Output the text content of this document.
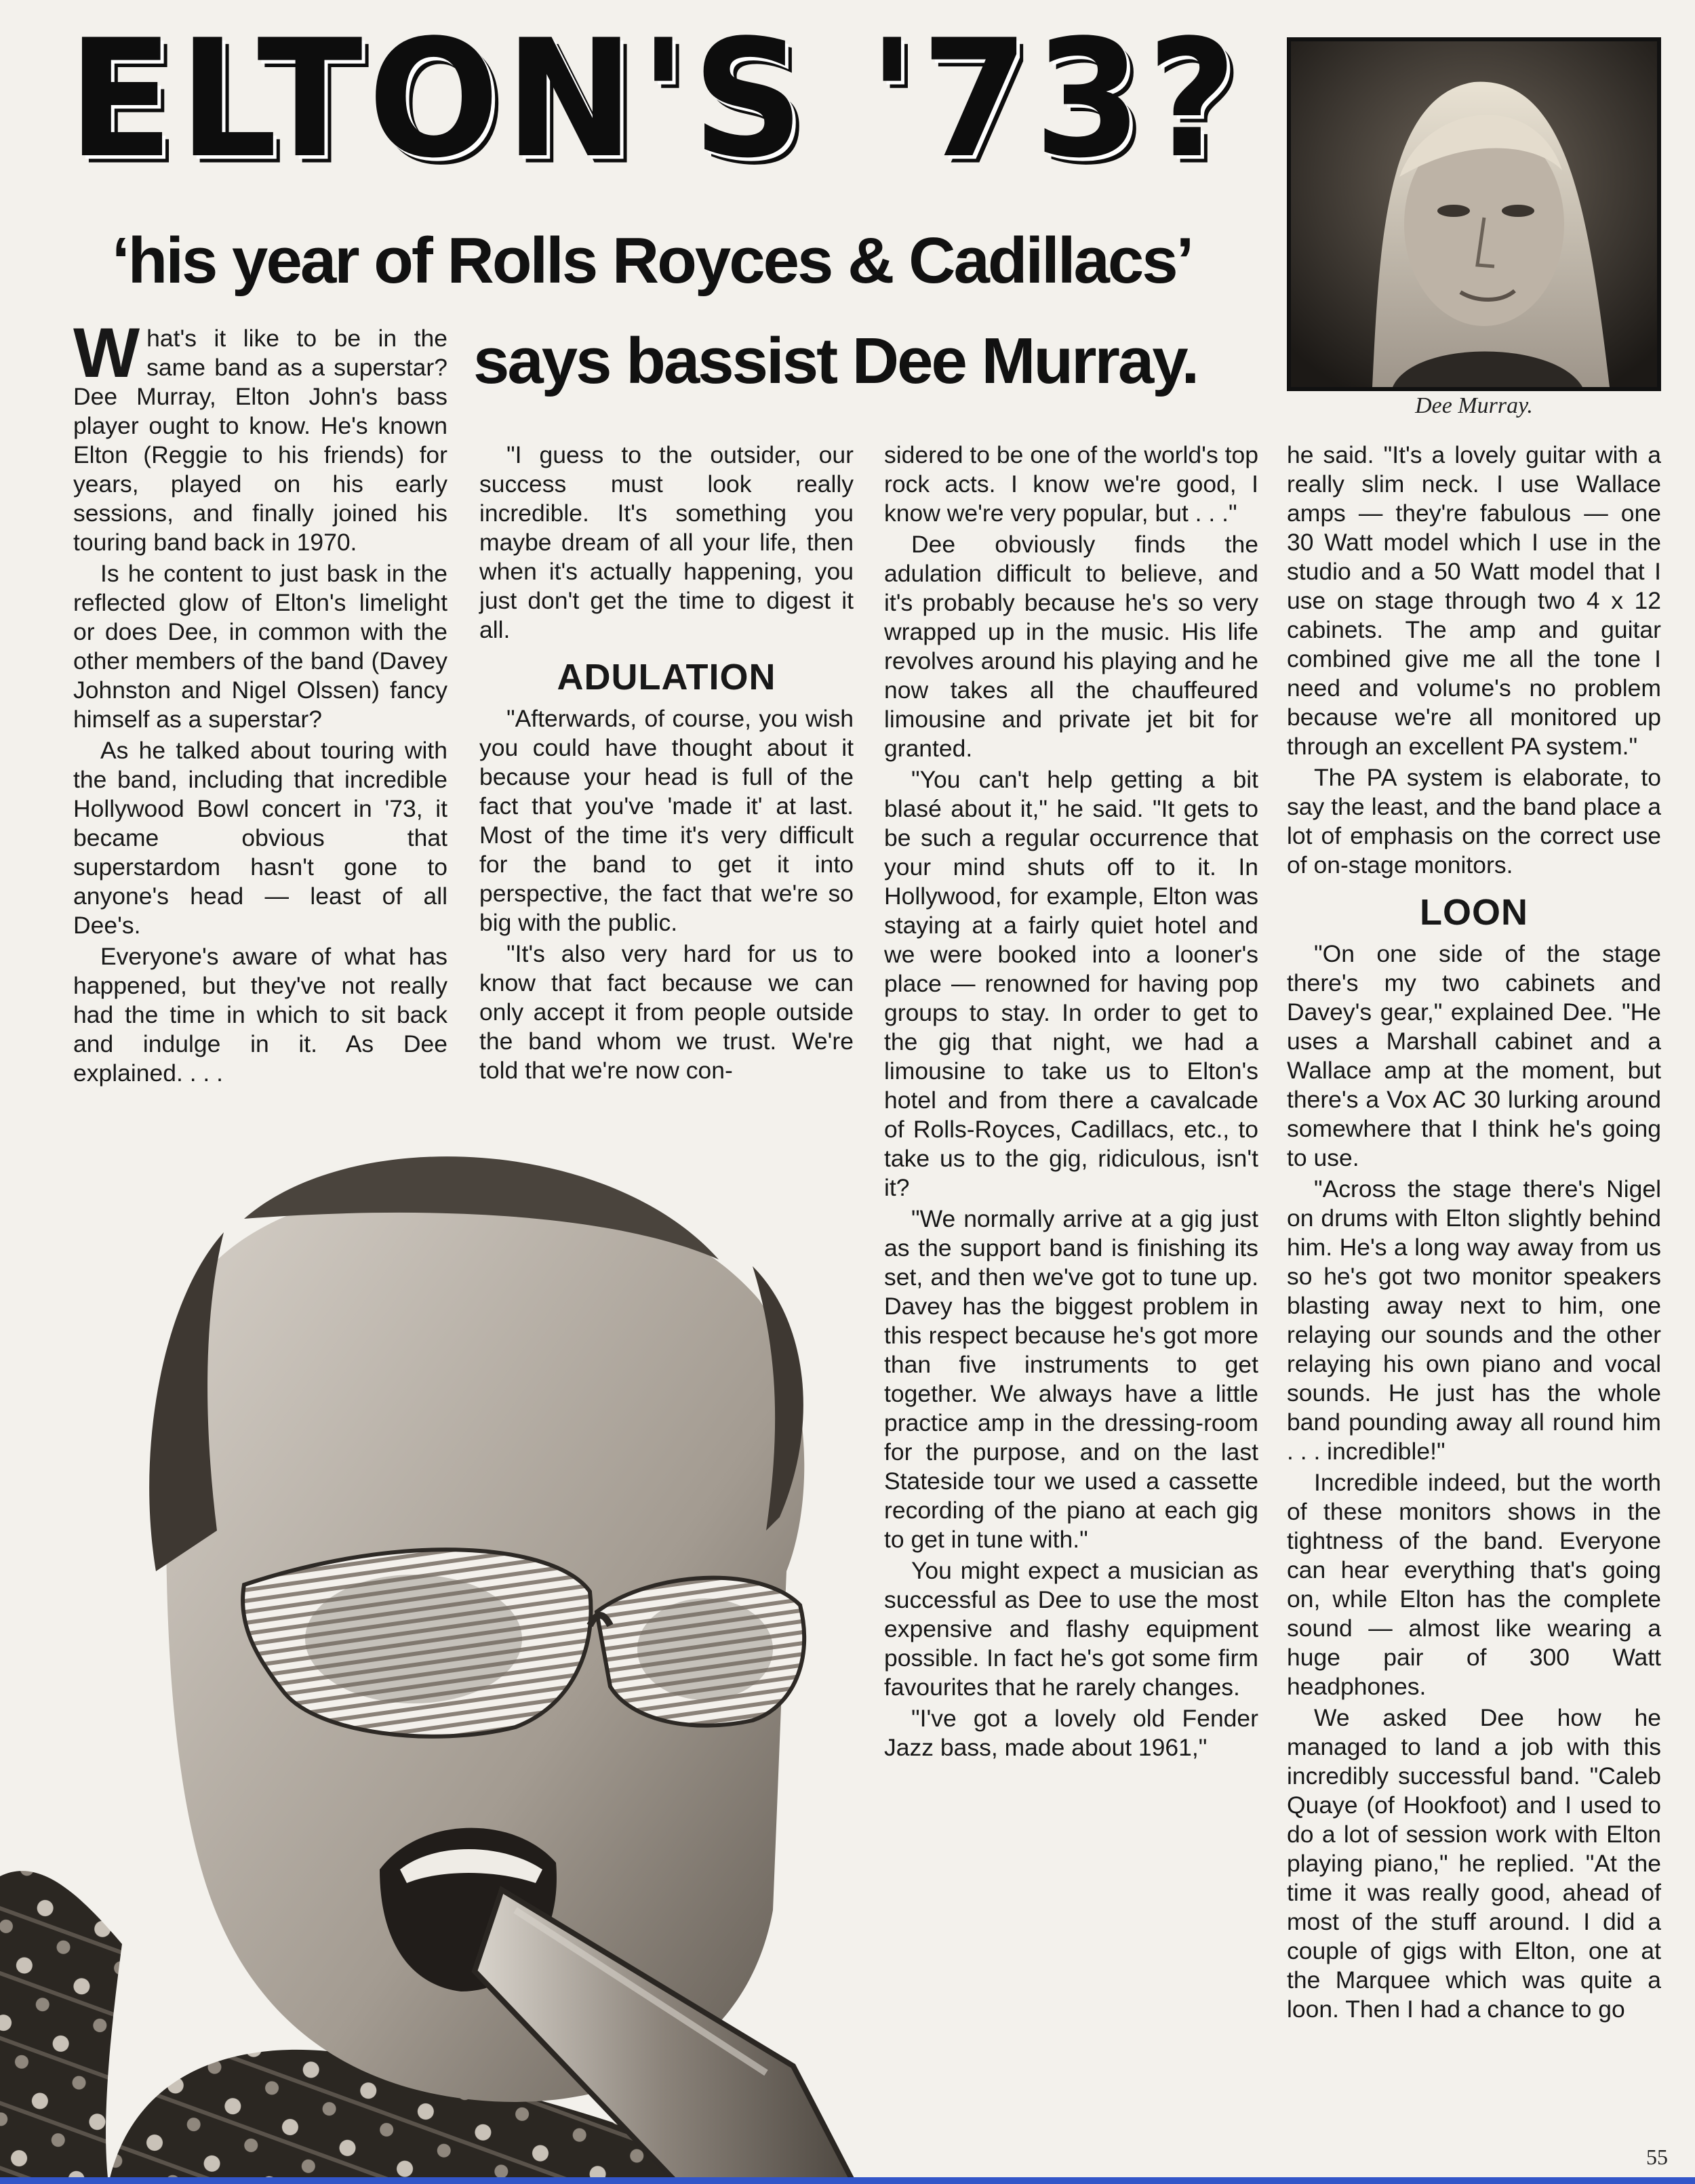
ELTON'S '73?

‘his year of Rolls Royces & Cadillacs’

says bassist Dee Murray.

Dee Murray.

What's it like to be in the same band as a superstar? Dee Murray, Elton John's bass player ought to know. He's known Elton (Reggie to his friends) for years, played on his early sessions, and finally joined his touring band back in 1970.

Is he content to just bask in the reflected glow of Elton's limelight or does Dee, in common with the other members of the band (Davey Johnston and Nigel Olssen) fancy himself as a superstar?

As he talked about touring with the band, including that incredible Hollywood Bowl concert in '73, it became obvious that superstardom hasn't gone to anyone's head — least of all Dee's.

Everyone's aware of what has happened, but they've not really had the time in which to sit back and indulge in it. As Dee explained. . . .

"I guess to the outsider, our success must look really incredible. It's something you maybe dream of all your life, then when it's actually happening, you just don't get the time to digest it all.

ADULATION

"Afterwards, of course, you wish you could have thought about it because your head is full of the fact that you've 'made it' at last. Most of the time it's very difficult for the band to get it into perspective, the fact that we're so big with the public.

"It's also very hard for us to know that fact because we can only accept it from people outside the band whom we trust. We're told that we're now con-

sidered to be one of the world's top rock acts. I know we're good, I know we're very popular, but . . ."

Dee obviously finds the adulation difficult to believe, and it's probably because he's so very wrapped up in the music. His life revolves around his playing and he now takes all the chauffeured limousine and private jet bit for granted.

"You can't help getting a bit blasé about it," he said. "It gets to be such a regular occurrence that your mind shuts off to it. In Hollywood, for example, Elton was staying at a fairly quiet hotel and we were booked into a looner's place — renowned for having pop groups to stay. In order to get to the gig that night, we had a limousine to take us to Elton's hotel and from there a cavalcade of Rolls-Royces, Cadillacs, etc., to take us to the gig, ridiculous, isn't it?

"We normally arrive at a gig just as the support band is finishing its set, and then we've got to tune up. Davey has the biggest problem in this respect because he's got more than five instruments to get together. We always have a little practice amp in the dressing-room for the purpose, and on the last Stateside tour we used a cassette recording of the piano at each gig to get in tune with."

You might expect a musician as successful as Dee to use the most expensive and flashy equipment possible. In fact he's got some firm favourites that he rarely changes.

"I've got a lovely old Fender Jazz bass, made about 1961,"

he said. "It's a lovely guitar with a really slim neck. I use Wallace amps — they're fabulous — one 30 Watt model which I use in the studio and a 50 Watt model that I use on stage through two 4 x 12 cabinets. The amp and guitar combined give me all the tone I need and volume's no problem because we're all monitored up through an excellent PA system."

The PA system is elaborate, to say the least, and the band place a lot of emphasis on the correct use of on-stage monitors.

LOON

"On one side of the stage there's my two cabinets and Davey's gear," explained Dee. "He uses a Marshall cabinet and a Wallace amp at the moment, but there's a Vox AC 30 lurking around somewhere that I think he's going to use.

"Across the stage there's Nigel on drums with Elton slightly behind him. He's a long way away from us so he's got two monitor speakers blasting away next to him, one relaying our sounds and the other relaying his own piano and vocal sounds. He just has the whole band pounding away all round him . . . incredible!"

Incredible indeed, but the worth of these monitors shows in the tightness of the band. Everyone can hear everything that's going on, while Elton has the complete sound — almost like wearing a huge pair of 300 Watt headphones.

We asked Dee how he managed to land a job with this incredibly successful band. "Caleb Quaye (of Hookfoot) and I used to do a lot of session work with Elton playing piano," he replied. "At the time it was really good, ahead of most of the stuff around. I did a couple of gigs with Elton, one at the Marquee which was quite a loon. Then I had a chance to go

55
